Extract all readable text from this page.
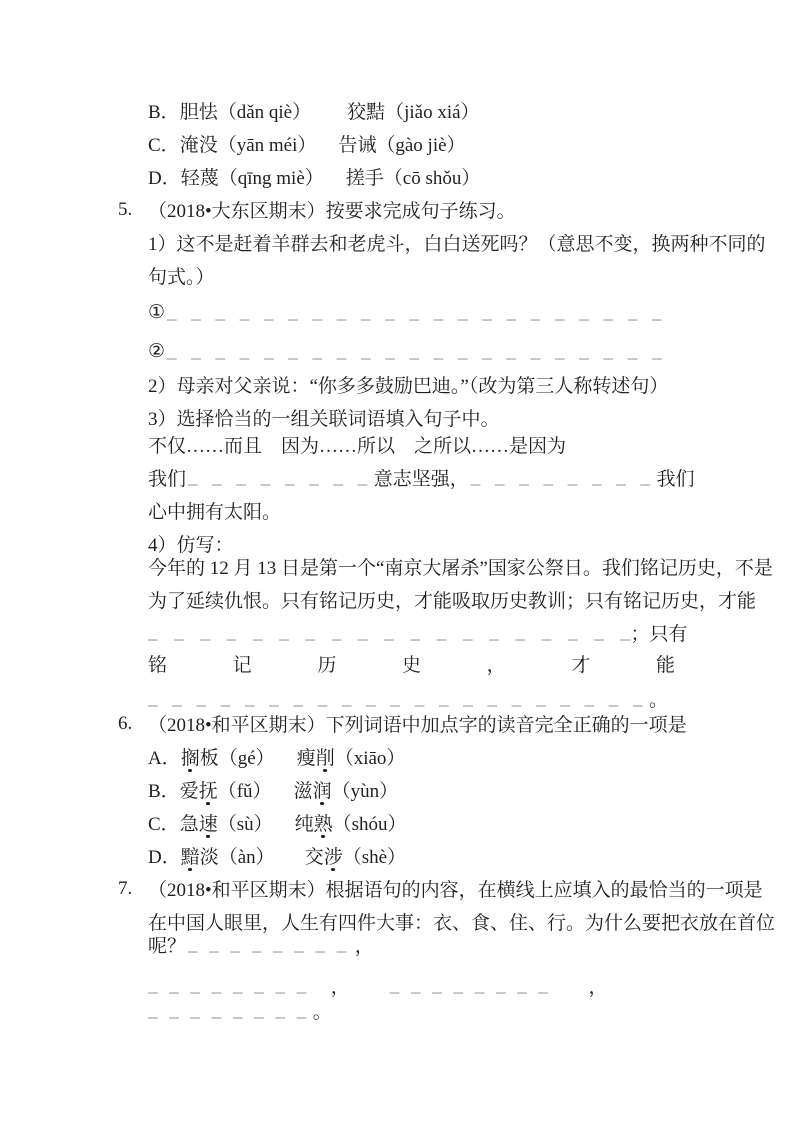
B． 胆怯（dǎn qiè） 狡黠（jiǎo xiá）
C． 淹没（yān méi） 告诫（gào jiè）
D． 轻蔑（qīng miè） 搓手（cō shǒu）
5. （2018•大东区期末）按要求完成句子练习。
1）这不是赶着羊群去和老虎斗，白白送死吗？（意思不变，换两种不同的
句式。）
① _ _ _ _ _ _ _ _ _ _ _ _ _ _ _ _ _ _ _ _ _
② _ _ _ _ _ _ _ _ _ _ _ _ _ _ _ _ _ _ _ _ _
2）母亲对父亲说：“你多多鼓励巴迪。”（改为第三人称转述句）
3）选择恰当的一组关联词语填入句子中。
不仅……而且　因为……所以　之所以……是因为
我们 _ _ _ _ _ _ _ _ 意志坚强， _ _ _ _ _ _ _ _ 我们
心中拥有太阳。
4）仿写：
今年的 12 月 13 日是第一个“南京大屠杀”国家公祭日。我们铭记历史，不是
为了延续仇恨。只有铭记历史，才能吸取历史教训；只有铭记历史，才能
_ _ _ _ _ _ _ _ _ _ _ _ _ _ _ _ _ _ _ ；只有
铭记历史，才能
_ _ _ _ _ _ _ _ _ _ _ _ _ _ _ _ _ _ _ _ _ 。
6. （2018•和平区期末）下列词语中加点字的读音完全正确的一项是
A． 搁板（gé） 瘦削（xiāo）
B． 爱抚（fǔ） 滋润（yùn）
C． 急速（sù） 纯熟（shóu）
D． 黯淡（àn） 交涉（shè）
7. （2018•和平区期末）根据语句的内容，在横线上应填入的最恰当的一项是
在中国人眼里，人生有四件大事：衣、食、住、行。为什么要把衣放在首位
呢？ _ _ _ _ _ _ _ _ ，
_ _ _ _ _ _ _ _ ， _ _ _ _ _ _ _ _ ，
_ _ _ _ _ _ _ _ 。
